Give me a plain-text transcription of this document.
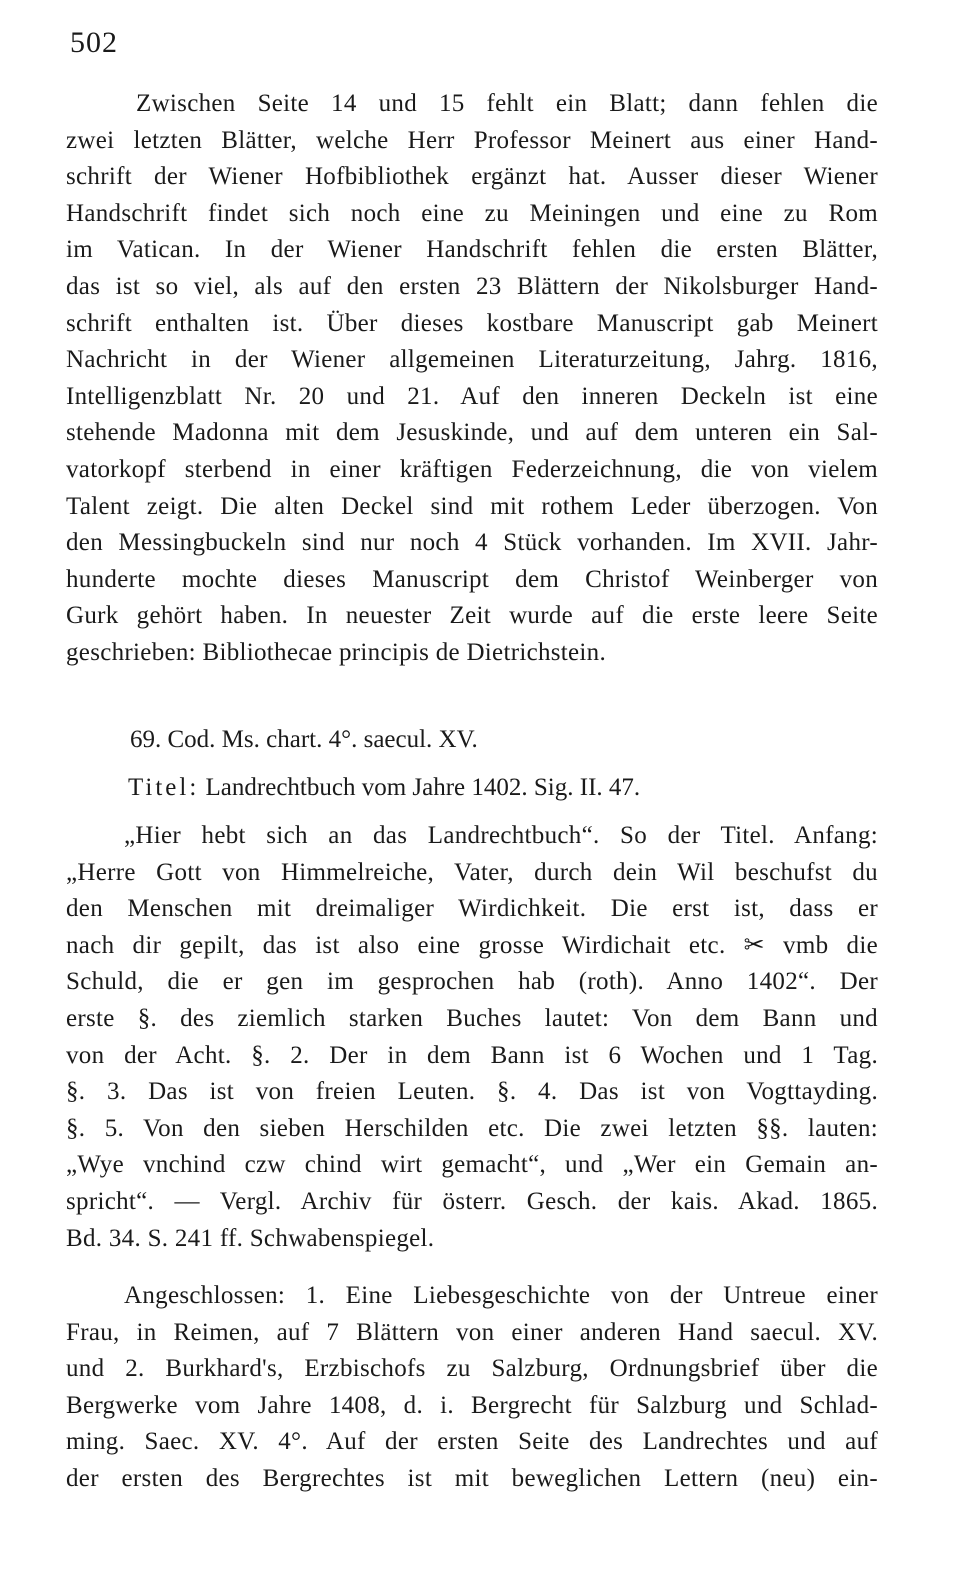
502
Zwischen Seite 14 und 15 fehlt ein Blatt; dann fehlen die
zwei letzten Blätter, welche Herr Professor Meinert aus einer Hand-
schrift der Wiener Hofbibliothek ergänzt hat. Ausser dieser Wiener
Handschrift findet sich noch eine zu Meiningen und eine zu Rom
im Vatican. In der Wiener Handschrift fehlen die ersten Blätter,
das ist so viel, als auf den ersten 23 Blättern der Nikolsburger Hand-
schrift enthalten ist. Über dieses kostbare Manuscript gab Meinert
Nachricht in der Wiener allgemeinen Literaturzeitung, Jahrg. 1816,
Intelligenzblatt Nr. 20 und 21. Auf den inneren Deckeln ist eine
stehende Madonna mit dem Jesuskinde, und auf dem unteren ein Sal-
vatorkopf sterbend in einer kräftigen Federzeichnung, die von vielem
Talent zeigt. Die alten Deckel sind mit rothem Leder überzogen. Von
den Messingbuckeln sind nur noch 4 Stück vorhanden. Im XVII. Jahr-
hunderte mochte dieses Manuscript dem Christof Weinberger von
Gurk gehört haben. In neuester Zeit wurde auf die erste leere Seite
geschrieben: Bibliothecae principis de Dietrichstein.
69. Cod. Ms. chart. 4°. saecul. XV.
Titel: Landrechtbuch vom Jahre 1402. Sig. II. 47.
„Hier hebt sich an das Landrechtbuch“. So der Titel. Anfang:
„Herre Gott von Himmelreiche, Vater, durch dein Wil beschufst du
den Menschen mit dreimaliger Wirdichkeit. Die erst ist, dass er
nach dir gepilt, das ist also eine grosse Wirdichait etc. ✂ vmb die
Schuld, die er gen im gesprochen hab (roth). Anno 1402“. Der
erste §. des ziemlich starken Buches lautet: Von dem Bann und
von der Acht. §. 2. Der in dem Bann ist 6 Wochen und 1 Tag.
§. 3. Das ist von freien Leuten. §. 4. Das ist von Vogttayding.
§. 5. Von den sieben Herschilden etc. Die zwei letzten §§. lauten:
„Wye vnchind czw chind wirt gemacht“, und „Wer ein Gemain an-
spricht“. — Vergl. Archiv für österr. Gesch. der kais. Akad. 1865.
Bd. 34. S. 241 ff. Schwabenspiegel.
Angeschlossen: 1. Eine Liebesgeschichte von der Untreue einer
Frau, in Reimen, auf 7 Blättern von einer anderen Hand saecul. XV.
und 2. Burkhard's, Erzbischofs zu Salzburg, Ordnungsbrief über die
Bergwerke vom Jahre 1408, d. i. Bergrecht für Salzburg und Schlad-
ming. Saec. XV. 4°. Auf der ersten Seite des Landrechtes und auf
der ersten des Bergrechtes ist mit beweglichen Lettern (neu) ein-
